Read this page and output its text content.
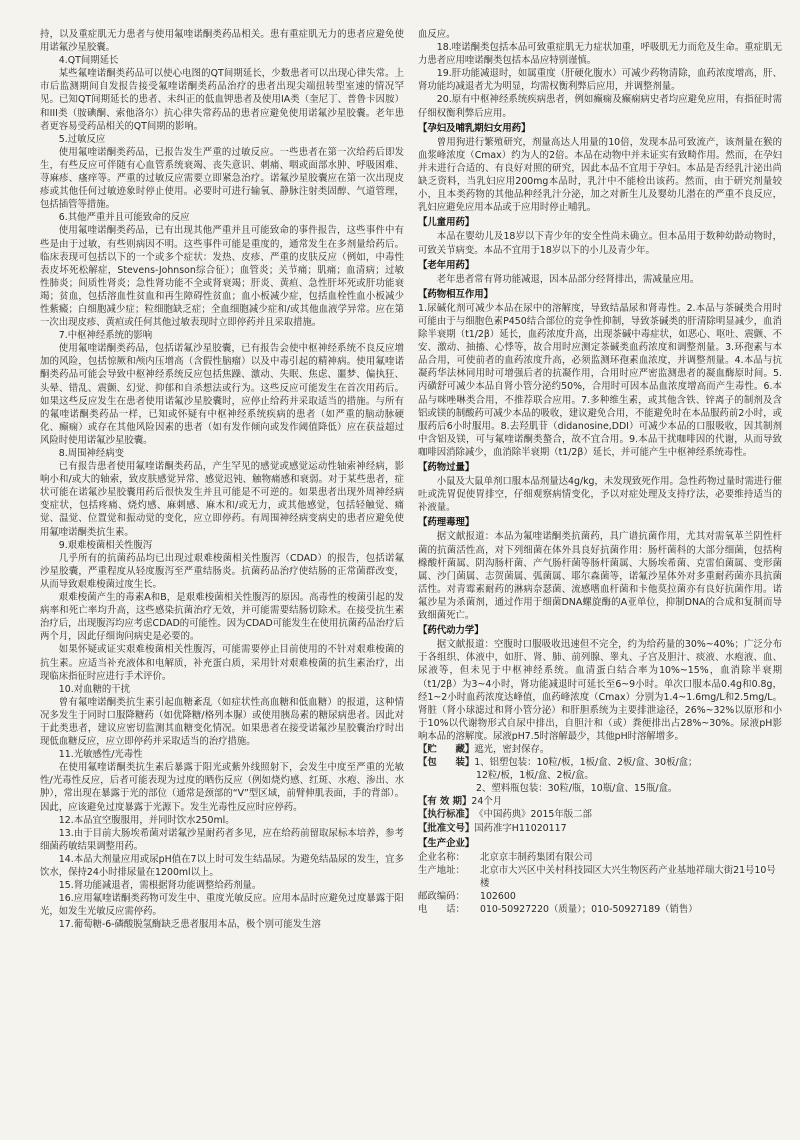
持，以及重症肌无力患者与使用氟喹诺酮类药品相关。患有重症肌无力的患者应避免使用诺氟沙星胶囊。

4.QT间期延长

某些氟喹诺酮类药品可以使心电图的QT间期延长，少数患者可以出现心律失常。上市后监测期间自发报告接受氟喹诺酮类药品治疗的患者出现尖端扭转型室速的情况罕见。已知QT间期延长的患者、未纠正的低血钾患者及使用IA类（奎尼丁、普鲁卡因胺）和III类（胺碘酮、索他洛尔）抗心律失常药品的患者应避免使用诺氟沙星胶囊。老年患者更容易受药品相关的QT间期的影响。

5.过敏反应

使用氟喹诺酮类药品，已报告发生严重的过敏反应。一些患者在第一次给药后即发生，有些反应可伴随有心血管系统衰竭、丧失意识、刺痛、咽或面部水肿、呼吸困难、荨麻疹、瘙痒等。严重的过敏反应需要立即紧急治疗。诺氟沙星胶囊应在第一次出现皮疹或其他任何过敏迹象时停止使用。必要时可进行输氧、静脉注射类固醇、气道管理，包括插管等措施。

6.其他严重并且可能致命的反应

使用氟喹诺酮类药品，已有出现其他严重并且可能致命的事件报告，这些事件中有些是由于过敏，有些则病因不明。这些事件可能是重度的，通常发生在多剂量给药后。临床表现可包括以下的一个或多个症状：发热、皮疹、严重的皮肤反应（例如，中毒性表皮坏死松解症，Stevens-Johnson综合征）；血管炎；关节痛；肌痛；血清病；过敏性肺炎；间质性肾炎；急性肾功能不全或肾衰竭；肝炎、黄疸、急性肝坏死或肝功能衰竭；贫血，包括溶血性贫血和再生障碍性贫血；血小板减少症，包括血栓性血小板减少性紫癜；白细胞减少症；粒细胞缺乏症；全血细胞减少症和/或其他血液学异常。应在第一次出现皮疹、黄疸或任何其他过敏表现时立即停药并且采取措施。

7.中枢神经系统的影响

使用氟喹诺酮类药品，包括诺氟沙星胶囊，已有报告会使中枢神经系统不良反应增加的风险，包括惊厥和颅内压增高（含假性脑瘤）以及中毒引起的精神病。使用氟喹诺酮类药品可能会导致中枢神经系统反应包括焦躁、激动、失眠、焦虑、噩梦、偏执狂、头晕、错乱、震颤、幻觉、抑郁和自杀想法或行为。这些反应可能发生在首次用药后。如果这些反应发生在患者使用诺氟沙星胶囊时，应停止给药并采取适当的措施。与所有的氟喹诺酮类药品一样，已知或怀疑有中枢神经系统疾病的患者（如严重的脑动脉硬化、癫痫）或存在其他风险因素的患者（如有发作倾向或发作阈值降低）应在获益超过风险时使用诺氟沙星胶囊。

8.周围神经病变

已有报告患者使用氟喹诺酮类药品，产生罕见的感觉或感觉运动性轴索神经病，影响小和/或大的轴索，致皮肤感觉异常、感觉迟钝、触物痛感和衰弱。对于某些患者，症状可能在诺氟沙星胶囊用药后很快发生并且可能是不可逆的。如果患者出现外周神经病变症状，包括疼痛、烧灼感、麻刺感、麻木和/或无力，或其他感觉，包括轻触觉、痛觉、温觉、位置觉和振动觉的变化，应立即停药。有周围神经病变病史的患者应避免使用氟喹诺酮类抗生素。

9.艰难梭菌相关性腹泻

几乎所有的抗菌药品均已出现过艰难梭菌相关性腹泻（CDAD）的报告，包括诺氟沙星胶囊，严重程度从轻度腹泻至严重结肠炎。抗菌药品治疗使结肠的正常菌群改变，从而导致艰难梭菌过度生长。

艰难梭菌产生的毒素A和B，是艰难梭菌相关性腹泻的原因。高毒性的梭菌引起的发病率和死亡率均升高，这些感染抗菌治疗无效，并可能需要结肠切除术。在接受抗生素治疗后，出现腹泻均应考虑CDAD的可能性。因为CDAD可能发生在使用抗菌药品治疗后两个月，因此仔细询问病史是必要的。

如果怀疑或证实艰难梭菌相关性腹泻，可能需要停止目前使用的不针对艰难梭菌的抗生素。应适当补充液体和电解质，补充蛋白质，采用针对艰难梭菌的抗生素治疗，出现临床指征时应进行手术评价。

10.对血糖的干扰

曾有氟喹诺酮类抗生素引起血糖紊乱（如症状性高血糖和低血糖）的报道，这种情况多发生于同时口服降糖药（如优降糖/格列本脲）或使用胰岛素的糖尿病患者。因此对于此类患者，建议应密切监测其血糖变化情况。如果患者在接受诺氟沙星胶囊治疗时出现低血糖反应，应立即停药并采取适当的治疗措施。

11.光敏感性/光毒性

在使用氟喹诺酮类抗生素后暴露于阳光或紫外线照射下，会发生中度至严重的光敏性/光毒性反应，后者可能表现为过度的晒伤反应（例如烧灼感、红斑、水疱、渗出、水肿），常出现在暴露于光的部位（通常是颈部的“V”型区域，前臂伸肌表面，手的背部）。因此，应该避免过度暴露于光源下。发生光毒性反应时应停药。

12.本品宜空腹服用，并同时饮水250ml。

13.由于目前大肠埃希菌对诺氟沙星耐药者多见，应在给药前留取尿标本培养，参考细菌药敏结果调整用药。

14.本品大剂量应用或尿pH值在7以上时可发生结晶尿。为避免结晶尿的发生，宜多饮水，保持24小时排尿量在1200ml以上。

15.肾功能减退者，需根据肾功能调整给药剂量。

16.应用氟喹诺酮类药物可发生中、重度光敏反应。应用本品时应避免过度暴露于阳光，如发生光敏反应需停药。

17.葡萄糖-6-磷酸脱氢酶缺乏患者服用本品，极个别可能发生溶

血反应。

18.喹诺酮类包括本品可致重症肌无力症状加重，呼吸肌无力而危及生命。重症肌无力患者应用喹诺酮类包括本品应特别谨慎。

19.肝功能减退时，如属重度（肝硬化腹水）可减少药物清除，血药浓度增高，肝、肾功能均减退者尤为明显，均需权衡利弊后应用，并调整剂量。

20.原有中枢神经系统疾病患者，例如癫痫及癫痫病史者均应避免应用，有指征时需仔细权衡利弊后应用。

【孕妇及哺乳期妇女用药】

曾用狗进行繁殖研究，剂量高达人用量的10倍，发现本品可致流产，该剂量在猴的血浆峰浓度（Cmax）约为人的2倍。本品在动物中并未证实有致畸作用。然而，在孕妇并未进行合适的、有良好对照的研究，因此本品不宜用于孕妇。本品是否经乳汁泌出尚缺乏资料，当乳妇应用200mg本品时，乳汁中不能检出该药。然而，由于研究剂量较小，且本类药物的其他品种经乳汁分泌，加之对新生儿及婴幼儿潜在的严重不良反应，乳妇应避免应用本品或于应用时停止哺乳。

【儿童用药】

本品在婴幼儿及18岁以下青少年的安全性尚未确立。但本品用于数种幼龄动物时，可致关节病变。本品不宜用于18岁以下的小儿及青少年。

【老年用药】

老年患者常有肾功能减退，因本品部分经肾排出，需减量应用。

【药物相互作用】

1.尿碱化剂可减少本品在尿中的溶解度，导致结晶尿和肾毒性。2.本品与茶碱类合用时可能由于与细胞色素P450结合部位的竞争性抑制，导致茶碱类的肝清除明显减少，血消除半衰期（t1/2β）延长，血药浓度升高，出现茶碱中毒症状，如恶心、呕吐、震颤、不安、激动、抽搐、心悸等，故合用时应测定茶碱类血药浓度和调整剂量。3.环孢素与本品合用，可使前者的血药浓度升高，必须监测环孢素血浓度，并调整剂量。4.本品与抗凝药华法林同用时可增强后者的抗凝作用，合用时应严密监测患者的凝血酶原时间。5.丙磺舒可减少本品自肾小管分泌约50%，合用时可因本品血浓度增高而产生毒性。6.本品与咪唑啉类合用，不推荐联合应用。7.多种维生素，或其他含铁、锌离子的制剂及含铝或镁的制酸药可减少本品的吸收，建议避免合用，不能避免时在本品服药前2小时，或服药后6小时服用。8.去羟肌苷（didanosine,DDI）可减少本品的口服吸收，因其制剂中含铝及镁，可与氟喹诺酮类螯合，故不宜合用。9.本品干扰咖啡因的代谢，从而导致咖啡因消除减少，血消除半衰期（t1/2β）延长，并可能产生中枢神经系统毒性。

【药物过量】

小鼠及大鼠单剂口服本品剂量达4g/kg，未发现致死作用。急性药物过量时需进行催吐或洗胃促使胃排空，仔细观察病情变化，予以对症处理及支持疗法，必要维持适当的补液量。

【药理毒理】

据文献报道：本品为氟喹诺酮类抗菌药，具广谱抗菌作用，尤其对需氧革兰阴性杆菌的抗菌活性高，对下列细菌在体外具良好抗菌作用：肠杆菌科的大部分细菌，包括枸橼酸杆菌属、阴沟肠杆菌、产气肠杆菌等肠杆菌属、大肠埃希菌、克雷伯菌属、变形菌属、沙门菌属、志贺菌属、弧菌属、耶尔森菌等，诺氟沙星体外对多重耐药菌亦具抗菌活性。对青霉素耐药的淋病奈瑟菌、流感嗜血杆菌和卡他莫拉菌亦有良好抗菌作用。诺氟沙星为杀菌剂，通过作用于细菌DNA螺旋酶的A亚单位，抑制DNA的合成和复制而导致细菌死亡。

【药代动力学】

据文献报道：空腹时口服吸收迅速但不完全，约为给药量的30%~40%；广泛分布于各组织、体液中，如肝、肾、肺、前列腺、睾丸、子宫及胆汁、痰液、水疱液、血、尿液等，但未见于中枢神经系统。血清蛋白结合率为10%~15%，血消除半衰期（t1/2β）为3~4小时，肾功能减退时可延长至6~9小时。单次口服本品0.4g和0.8g，经1~2小时血药浓度达峰值，血药峰浓度（Cmax）分别为1.4~1.6mg/L和2.5mg/L。肾脏（肾小球滤过和肾小管分泌）和肝胆系统为主要排泄途径，26%~32%以原形和小于10%以代谢物形式自尿中排出，自胆汁和（或）粪便排出占28%~30%。尿液pH影响本品的溶解度。尿液pH7.5时溶解最少，其他pH时溶解增多。

【贮　　藏】 遮光，密封保存。
【包　　装】 1、铝塑包装：10粒/板，1板/盒、2板/盒、30板/盒；
12粒/板，1板/盒、2板/盒。
2、塑料瓶包装：30粒/瓶，10瓶/盒、15瓶/盒。
【有 效 期】 24个月
【执行标准】 《中国药典》2015年版二部
【批准文号】 国药准字H11020117
【生产企业】
企业名称：	北京京丰制药集团有限公司
生产地址：	北京市大兴区中关村科技园区大兴生物医药产业基地祥瑞大街21号10号楼
邮政编码：	102600
电　　话：	010-50927220（质量）；010-50927189（销售）
